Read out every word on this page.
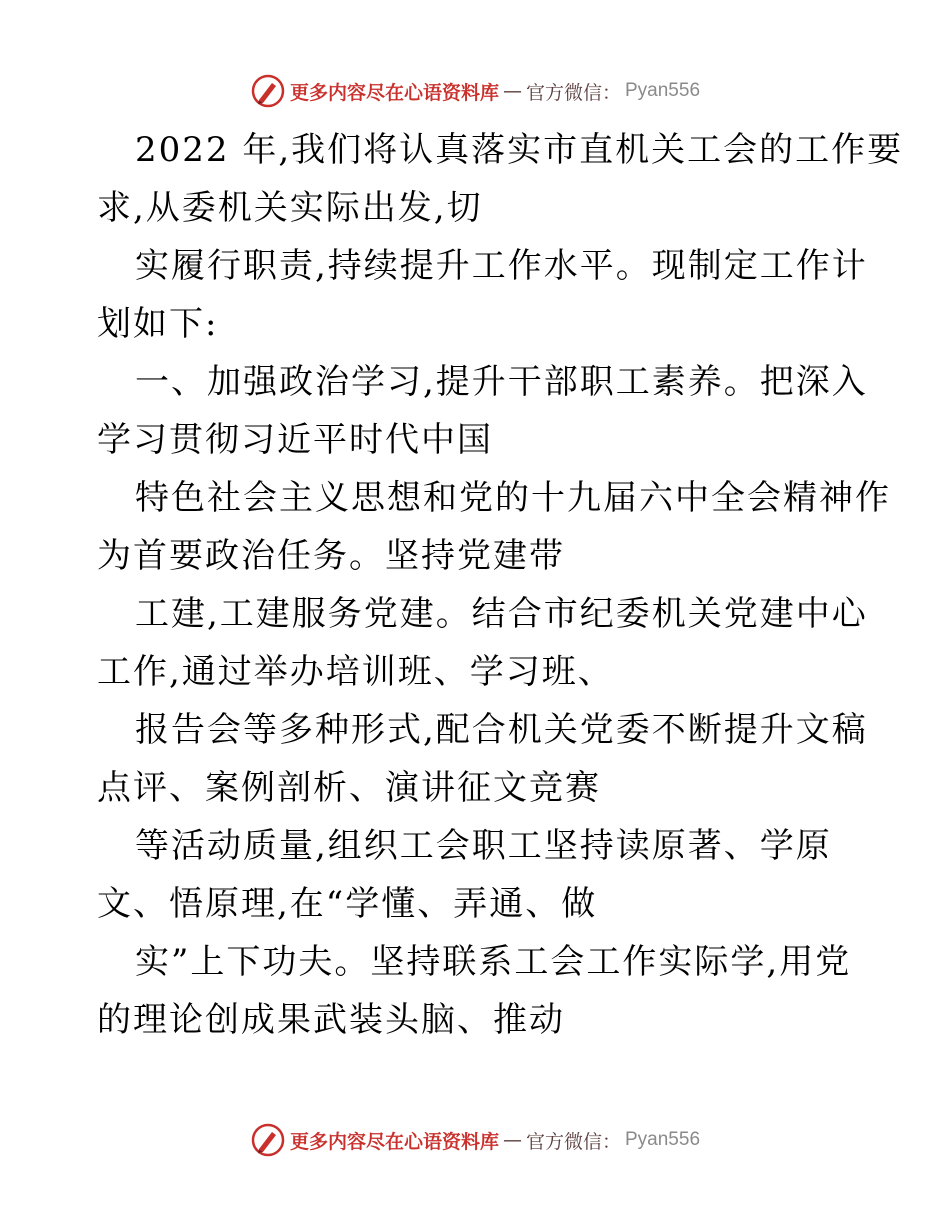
更多内容尽在心语资料库 — 官方微信： Pyan556
2022 年,我们将认真落实市直机关工会的工作要
求,从委机关实际出发,切
实履行职责,持续提升工作水平。现制定工作计
划如下:
一、加强政治学习,提升干部职工素养。把深入
学习贯彻习近平时代中国
特色社会主义思想和党的十九届六中全会精神作
为首要政治任务。坚持党建带
工建,工建服务党建。结合市纪委机关党建中心
工作,通过举办培训班、学习班、
报告会等多种形式,配合机关党委不断提升文稿
点评、案例剖析、演讲征文竞赛
等活动质量,组织工会职工坚持读原著、学原
文、悟原理,在“学懂、弄通、做
实”上下功夫。坚持联系工会工作实际学,用党
的理论创成果武装头脑、推动
更多内容尽在心语资料库 — 官方微信： Pyan556
